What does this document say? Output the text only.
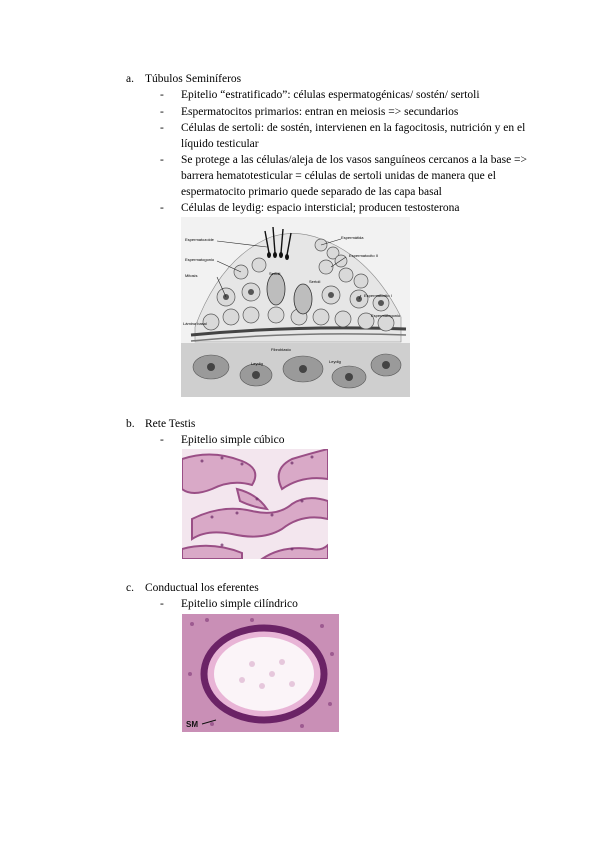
a. Túbulos Seminíferos
- Epitelio “estratificado”: células espermatogénicas/ sostén/ sertoli
- Espermatocitos primarios: entran en meiosis => secundarios
- Células de sertoli: de sostén, intervienen en la fagocitosis, nutrición y en el líquido testicular
- Se protege a las células/aleja de los vasos sanguíneos cercanos a la base => barrera hematotesticular = células de sertoli unidas de manera que el espermatocito primario quede separado de las capa basal
- Células de leydig: espacio intersticial; producen testosterona
Espermatozoide
Espermatogonio
Mitosis
Lámina basal
Espermátida
Espermatocito II
Espermatocito I
Espermatogonio
Sertoli
Sertoli
Fibroblasto
Leydig	Leydig
b. Rete Testis
- Epitelio simple cúbico
c. Conductual los eferentes
- Epitelio simple cilíndrico
SM
